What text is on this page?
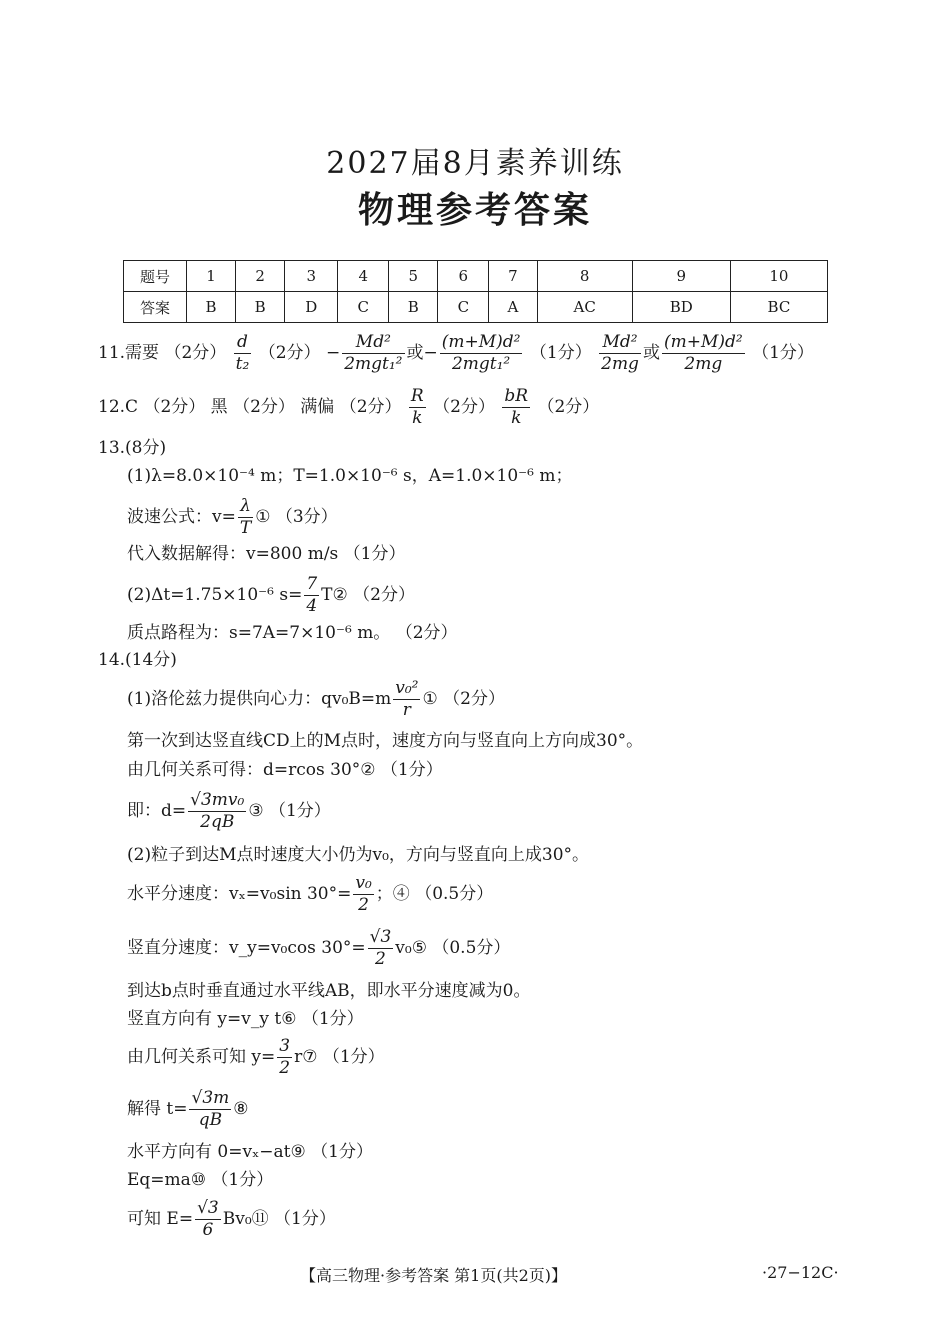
2027届8月素养训练
物理参考答案
题号	1	2	3	4	5	6	7	8	9	10
答案	B	B	D	C	B	C	A	AC	BD	BC
11.需要 （2分） $\frac{d}{\text{t₂}} (2$分） − $\frac{\text{Md²}}{\text{2mgt₁²}}$ 或− $\frac{\text{(m+M)d²}}{\text{2mgt₁²}} (1$分） $\frac{\text{Md²}}{2mg}$ 或 $\frac{\text{(m+M)d²}}{2mg} (1$分）
12.C （2分） 黑 （2分） 满偏 （2分） $\frac{R}{k} (2$分） $\frac{bR}{k} (2$分）
13.(8分)
(1)λ=8.0×10⁻⁴ m；T=1.0×10⁻⁶ s，A=1.0×10⁻⁶ m；
波速公式：$v= \frac{\lambda}{T}$ ① （3分）
代入数据解得：v=800 m/s （1分）
(2)Δt=1.75×10⁻⁶ $s= \frac{7}{4}$ T② （2分）
质点路程为：s=7A=7×10⁻⁶ m。 （2分）
14.(14分)
(1)洛伦兹力提供向心力：$qv_0B=m \frac{\text{v₀²}}{r}$ ① （2分）
第一次到达竖直线CD上的M点时，速度方向与竖直向上方向成30°。
由几何关系可得：d=rcos 30°② （1分）
即：$d= \frac{\text{√3mv₀}}{2qB}$ ③ （1分）
(2)粒子到达M点时速度大小仍为v₀，方向与竖直向上成30°。
水平分速度：vₓ=v₀sin $30^\circ= \frac{\text{v₀}}{2}$ ；④ （0.5分）
竖直分速度：v_y=v₀cos $30^\circ= \frac{√3}{2}$ v₀⑤ （0.5分）
到达b点时垂直通过水平线AB，即水平分速度减为0。
竖直方向有 y=v_y t⑥ （1分）
由几何关系可知 $y= \frac{3}{2}$ r⑦ （1分）
解得 $t= \frac{√3m}{qB}$ ⑧
水平方向有 0=vₓ−at⑨ （1分）
Eq=ma⑩ （1分）
可知 $E= \frac{√3}{6}$ Bv₀⑪ （1分）
【高三物理·参考答案 第1页(共2页)】	·27−12C·
